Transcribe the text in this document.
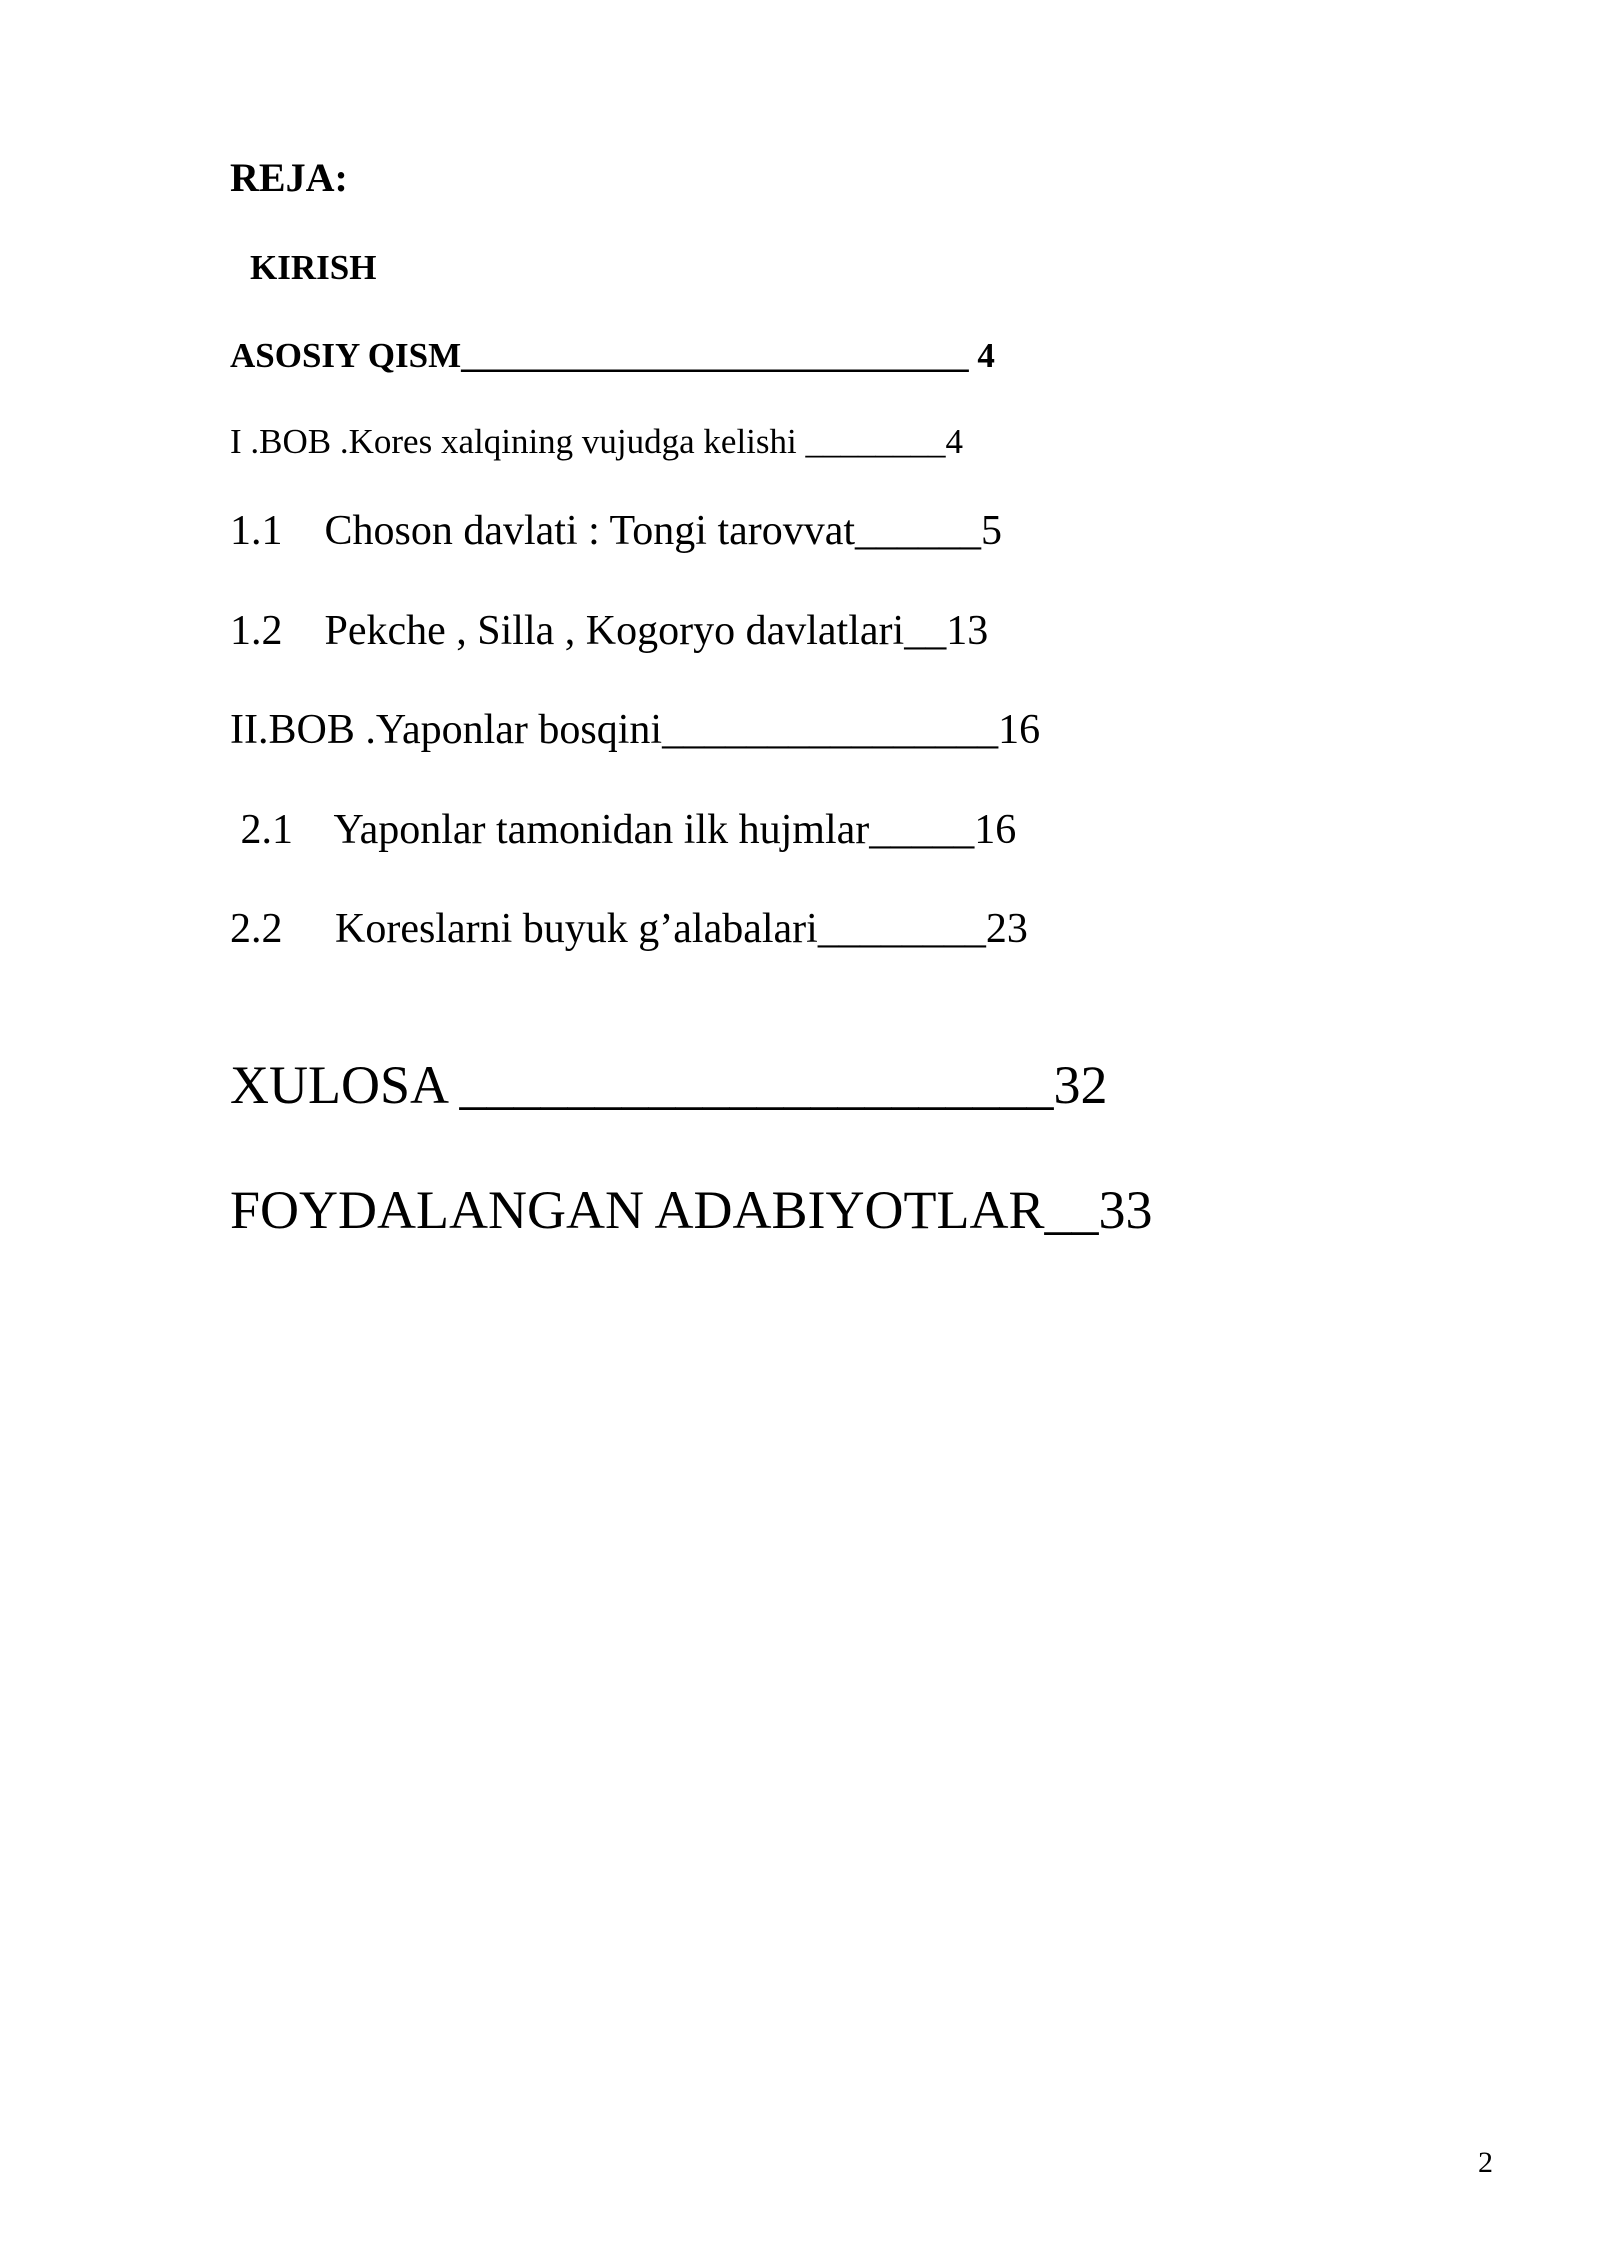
REJA:
KIRISH
ASOSIY QISM_____________________________ 4
I .BOB .Kores xalqining vujudga kelishi ________4
1.1    Choson davlati : Tongi tarovvat______5
1.2    Pekche , Silla , Kogoryo davlatlari__13
II.BOB .Yaponlar bosqini________________16
2.1    Yaponlar tamonidan ilk hujmlar_____16
2.2     Koreslarni buyuk g’alabalari________23
XULOSA ______________________32
FOYDALANGAN ADABIYOTLAR__33
2
